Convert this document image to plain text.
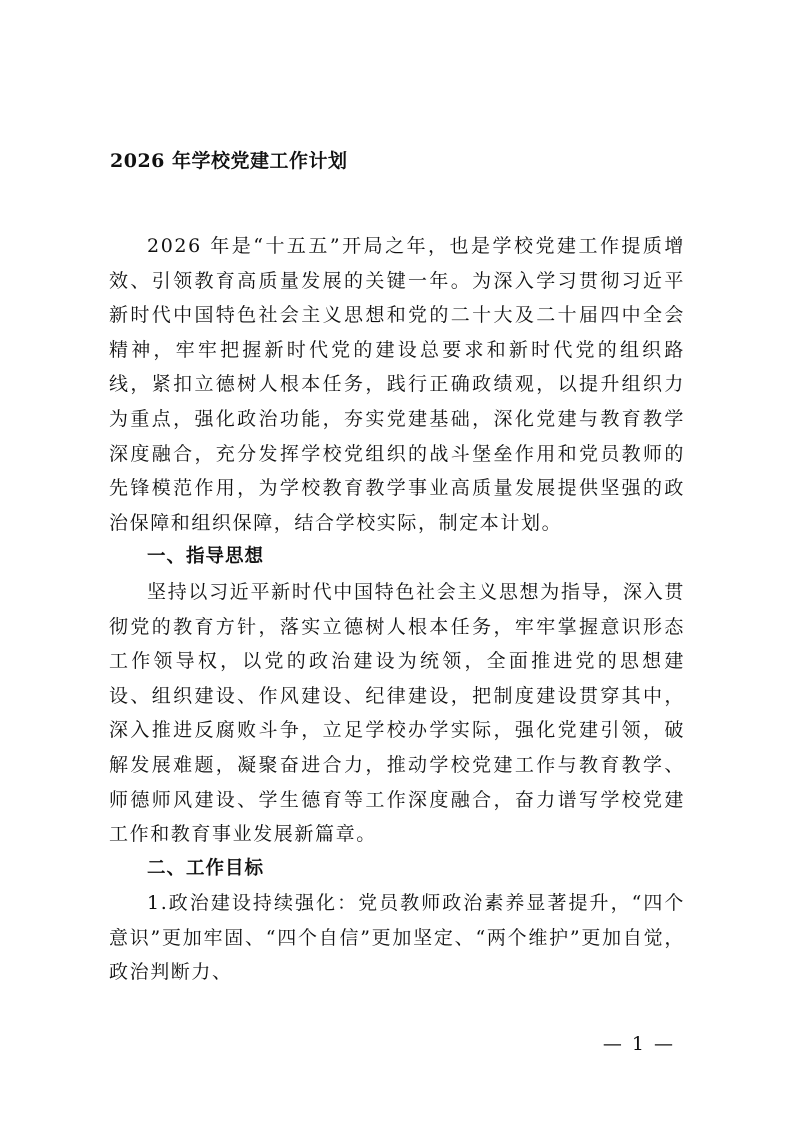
2026 年学校党建工作计划

2026 年是“十五五”开局之年，也是学校党建工作提质增效、引领教育高质量发展的关键一年。为深入学习贯彻习近平新时代中国特色社会主义思想和党的二十大及二十届四中全会精神，牢牢把握新时代党的建设总要求和新时代党的组织路线，紧扣立德树人根本任务，践行正确政绩观，以提升组织力为重点，强化政治功能，夯实党建基础，深化党建与教育教学深度融合，充分发挥学校党组织的战斗堡垒作用和党员教师的先锋模范作用，为学校教育教学事业高质量发展提供坚强的政治保障和组织保障，结合学校实际，制定本计划。

一、指导思想

坚持以习近平新时代中国特色社会主义思想为指导，深入贯彻党的教育方针，落实立德树人根本任务，牢牢掌握意识形态工作领导权，以党的政治建设为统领，全面推进党的思想建设、组织建设、作风建设、纪律建设，把制度建设贯穿其中，深入推进反腐败斗争，立足学校办学实际，强化党建引领，破解发展难题，凝聚奋进合力，推动学校党建工作与教育教学、师德师风建设、学生德育等工作深度融合，奋力谱写学校党建工作和教育事业发展新篇章。

二、工作目标

1.政治建设持续强化：党员教师政治素养显著提升，“四个意识”更加牢固、“四个自信”更加坚定、“两个维护”更加自觉，政治判断力、

— 1 —
